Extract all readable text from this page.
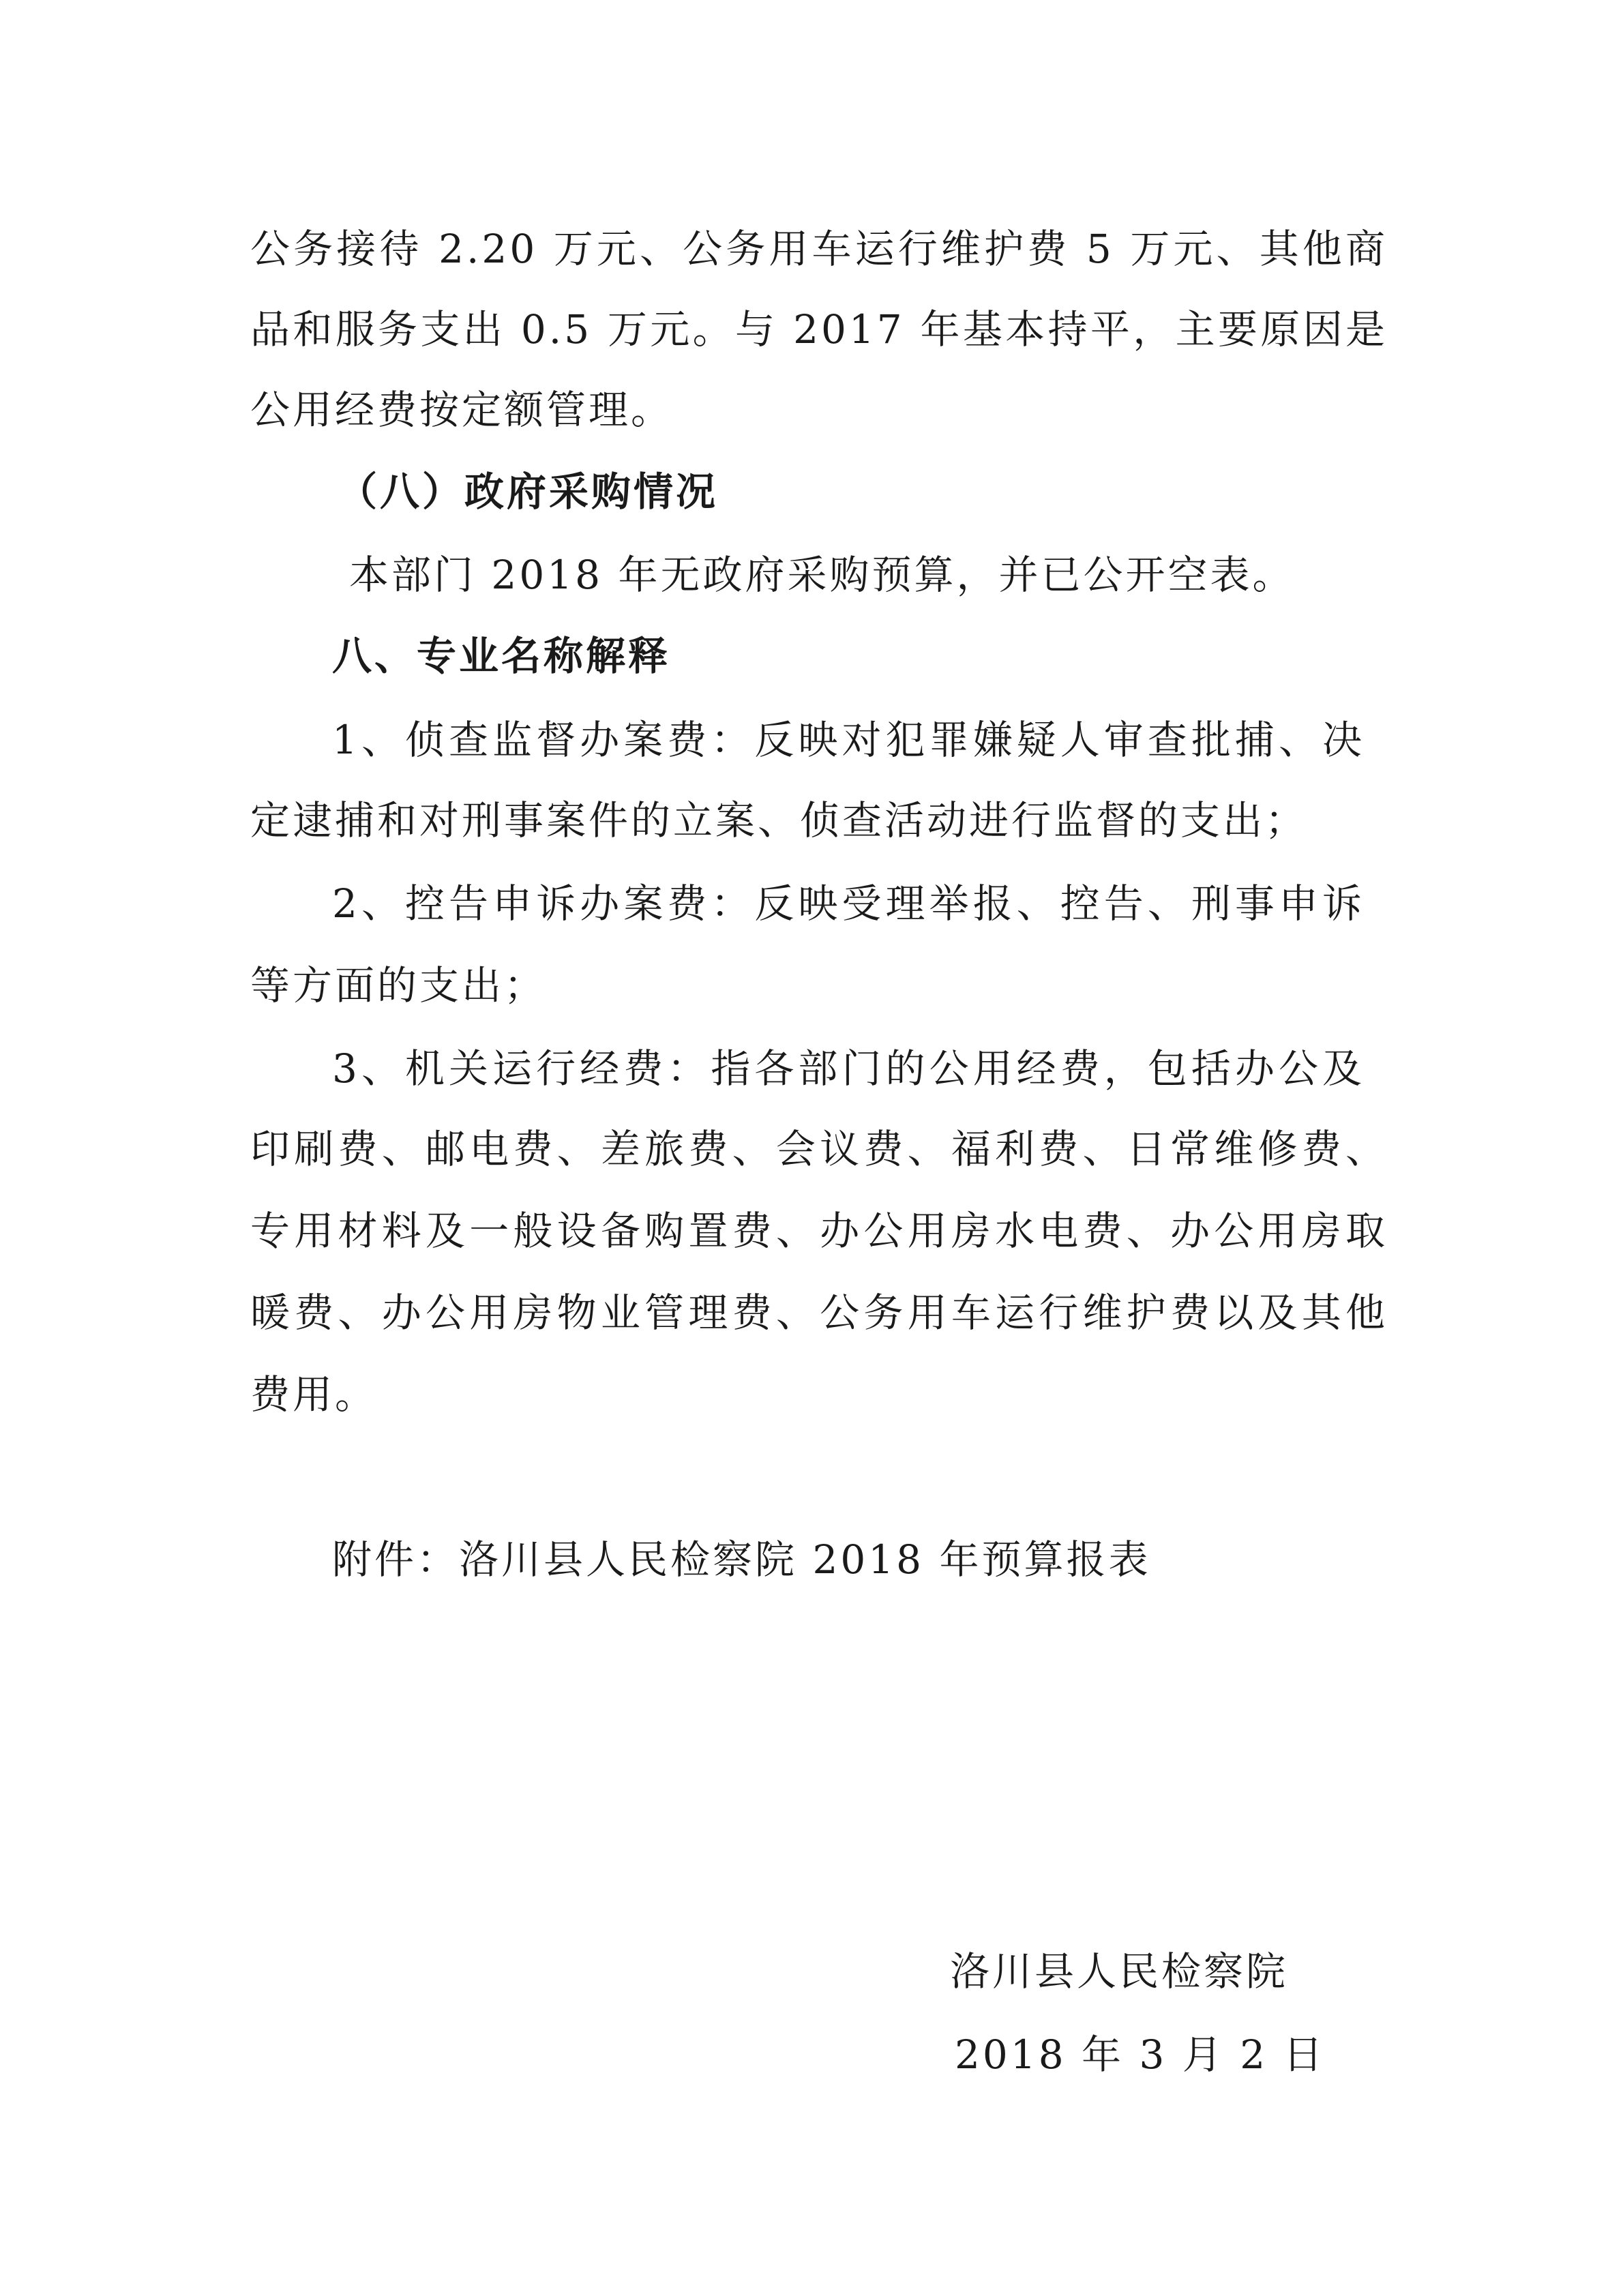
公务接待 2.20 万元、公务用车运行维护费 5 万元、其他商
品和服务支出 0.5 万元。与 2017 年基本持平，主要原因是
公用经费按定额管理。
（八）政府采购情况
本部门 2018 年无政府采购预算，并已公开空表。
八、专业名称解释
1、侦查监督办案费：反映对犯罪嫌疑人审查批捕、决
定逮捕和对刑事案件的立案、侦查活动进行监督的支出；
2、控告申诉办案费：反映受理举报、控告、刑事申诉
等方面的支出；
3、机关运行经费：指各部门的公用经费，包括办公及
印刷费、邮电费、差旅费、会议费、福利费、日常维修费、
专用材料及一般设备购置费、办公用房水电费、办公用房取
暖费、办公用房物业管理费、公务用车运行维护费以及其他
费用。
附件：洛川县人民检察院 2018 年预算报表
洛川县人民检察院
2018 年 3 月 2 日
